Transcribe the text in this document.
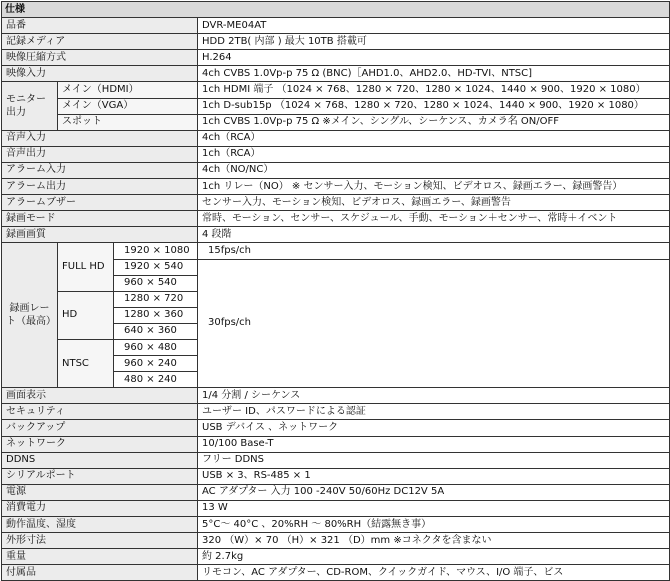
仕様			
品番			DVR-ME04AT
記録メディア			HDD 2TB( 内部 ) 最大 10TB 搭載可
映像圧縮方式			H.264
映像入力			4ch CVBS 1.0Vp-p 75 Ω (BNC)［AHD1.0、AHD2.0、HD-TVI、NTSC]
モニター出力	メイン（HDMI）		1ch HDMI 端子 （1024 × 768、1280 × 720、1280 × 1024、1440 × 900、1920 × 1080）
	メイン（VGA）		1ch D-sub15p （1024 × 768、1280 × 720、1280 × 1024、1440 × 900、1920 × 1080）
	スポット		1ch CVBS 1.0Vp-p 75 Ω ※メイン、シングル、シーケンス、カメラ名 ON/OFF
音声入力			4ch（RCA）
音声出力			1ch（RCA）
アラーム入力			4ch（NO/NC）
アラーム出力			1ch リレー（NO） ※ センサー入力、モーション検知、ビデオロス、録画エラー、録画警告）
アラームブザー			センサー入力、モーション検知、ビデオロス、録画エラー、録画警告
録画モード			常時、モーション、センサー、スケジュール、手動、モーション＋センサー、常時＋イベント
録画画質			4 段階
録画レート（最高）	FULL HD	1920 × 1080	15fps/ch
		1920 × 540	30fps/ch
		960 × 540	
	HD	1280 × 720	
		1280 × 360	
		640 × 360	
	NTSC	960 × 480	
		960 × 240	
		480 × 240	
画面表示			1/4 分割 / シーケンス
セキュリティ			ユーザー ID、パスワードによる認証
バックアップ			USB デバイス 、ネットワーク
ネットワーク			10/100 Base-T
DDNS			フリー DDNS
シリアルポート			USB × 3、RS-485 × 1
電源			AC アダプター 入力 100 -240V 50/60Hz DC12V 5A
消費電力			13 W
動作温度、湿度			5°C〜 40°C 、20%RH 〜 80%RH（結露無き事）
外形寸法			320 （W）× 70 （H）× 321 （D）mm ※コネクタを含まない
重量			約 2.7kg
付属品			リモコン、AC アダプター、CD-ROM、クイックガイド、マウス、I/O 端子、ビス
